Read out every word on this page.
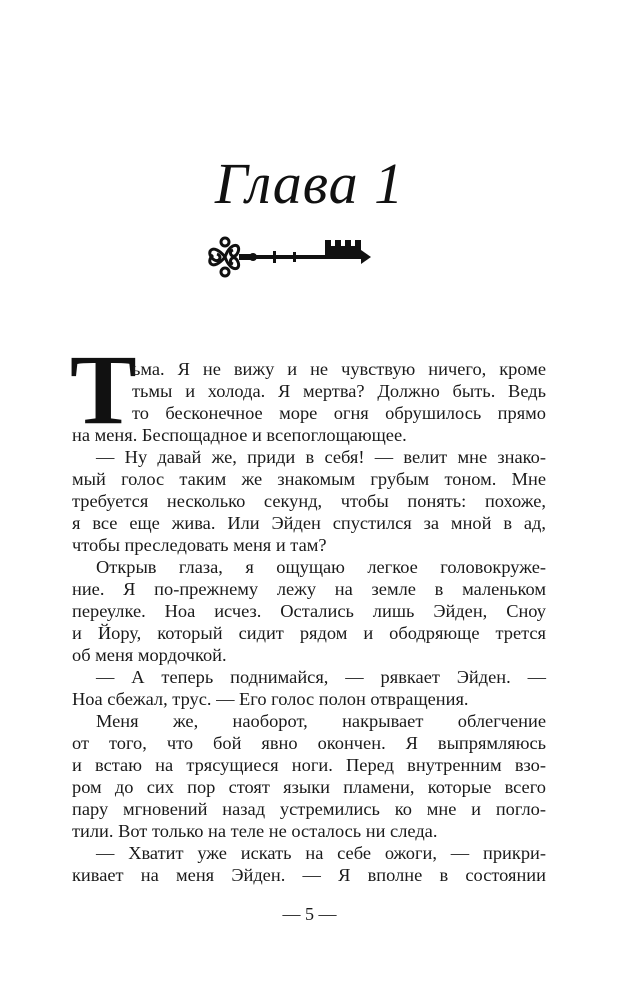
Глава 1
Т
ьма. Я не вижу и не чувствую ничего, кроме
тьмы и холода. Я мертва? Должно быть. Ведь
то бесконечное море огня обрушилось прямо
на меня. Беспощадное и всепоглощающее.
— Ну давай же, приди в себя! — велит мне знако-
мый голос таким же знакомым грубым тоном. Мне
требуется несколько секунд, чтобы понять: похоже,
я все еще жива. Или Эйден спустился за мной в ад,
чтобы преследовать меня и там?
Открыв глаза, я ощущаю легкое головокруже-
ние. Я по-прежнему лежу на земле в маленьком
переулке. Ноа исчез. Остались лишь Эйден, Сноу
и Йору, который сидит рядом и ободряюще трется
об меня мордочкой.
— А теперь поднимайся, — рявкает Эйден. —
Ноа сбежал, трус. — Его голос полон отвращения.
Меня же, наоборот, накрывает облегчение
от того, что бой явно окончен. Я выпрямляюсь
и встаю на трясущиеся ноги. Перед внутренним взо-
ром до сих пор стоят языки пламени, которые всего
пару мгновений назад устремились ко мне и погло-
тили. Вот только на теле не осталось ни следа.
— Хватит уже искать на себе ожоги, — прикри-
кивает на меня Эйден. — Я вполне в состоянии
— 5 —
